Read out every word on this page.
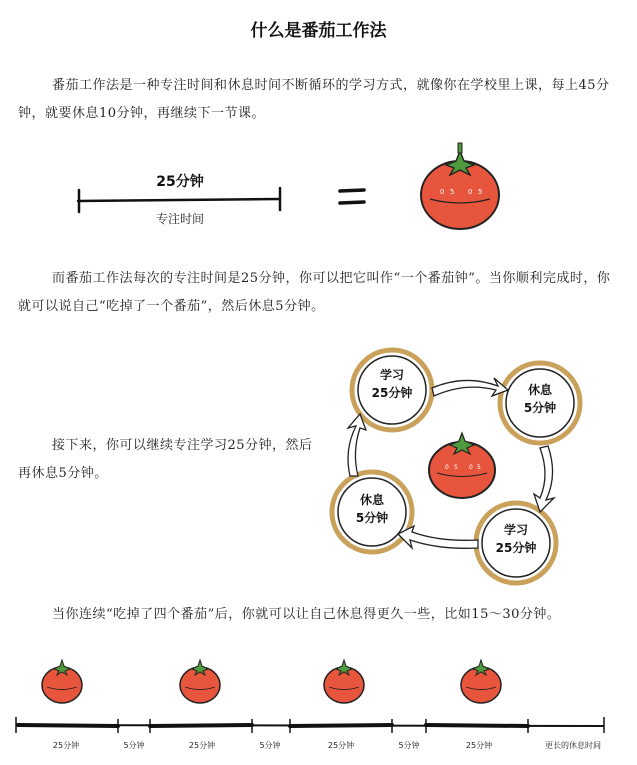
什么是番茄工作法
番茄工作法是一种专注时间和休息时间不断循环的学习方式，就像你在学校里上课，每上45分钟，就要休息10分钟，再继续下一节课。
0 5 0 5
0 5 0 5
25分钟
专注时间
而番茄工作法每次的专注时间是25分钟，你可以把它叫作“一个番茄钟”。当你顺利完成时，你就可以说自己“吃掉了一个番茄”，然后休息5分钟。
接下来，你可以继续专注学习25分钟，然后再休息5分钟。
学习
25分钟	休息
5分钟
学习
25分钟
休息
5分钟
当你连续“吃掉了四个番茄”后，你就可以让自己休息得更久一些，比如15～30分钟。
25分钟	5分钟	25分钟	5分钟	25分钟	5分钟	25分钟	更长的休息时间
